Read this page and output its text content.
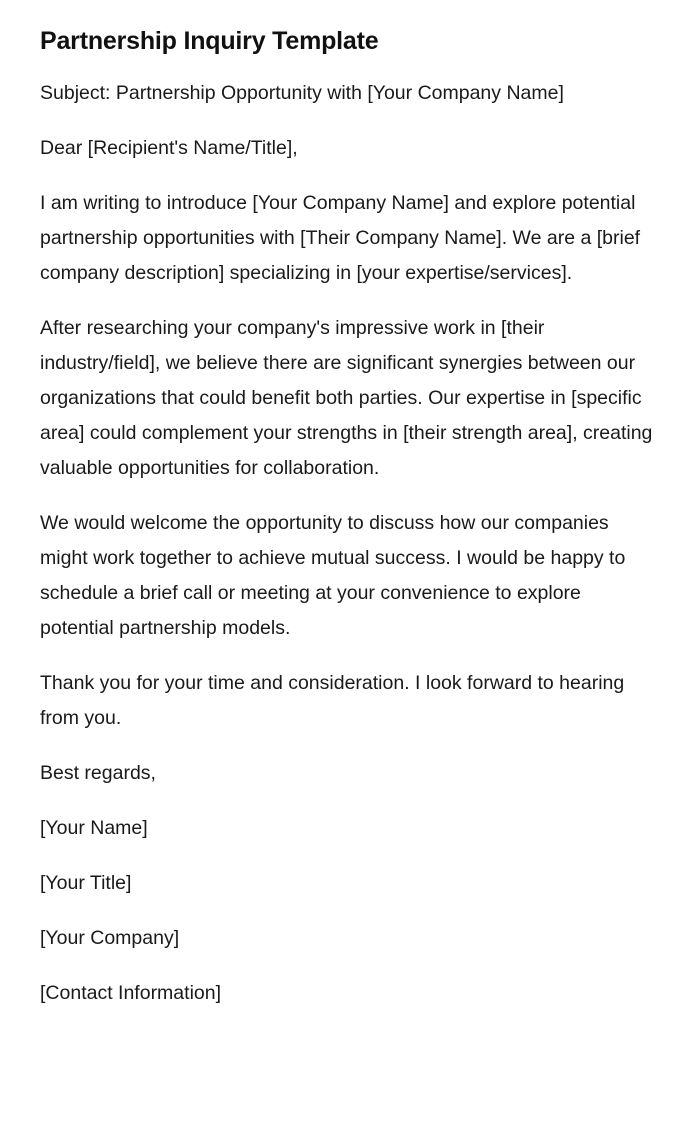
Partnership Inquiry Template

Subject: Partnership Opportunity with [Your Company Name]

Dear [Recipient's Name/Title],

I am writing to introduce [Your Company Name] and explore potential partnership opportunities with [Their Company Name]. We are a [brief company description] specializing in [your expertise/services].

After researching your company's impressive work in [their industry/field], we believe there are significant synergies between our organizations that could benefit both parties. Our expertise in [specific area] could complement your strengths in [their strength area], creating valuable opportunities for collaboration.

We would welcome the opportunity to discuss how our companies might work together to achieve mutual success. I would be happy to schedule a brief call or meeting at your convenience to explore potential partnership models.

Thank you for your time and consideration. I look forward to hearing from you.

Best regards,

[Your Name]

[Your Title]

[Your Company]

[Contact Information]
